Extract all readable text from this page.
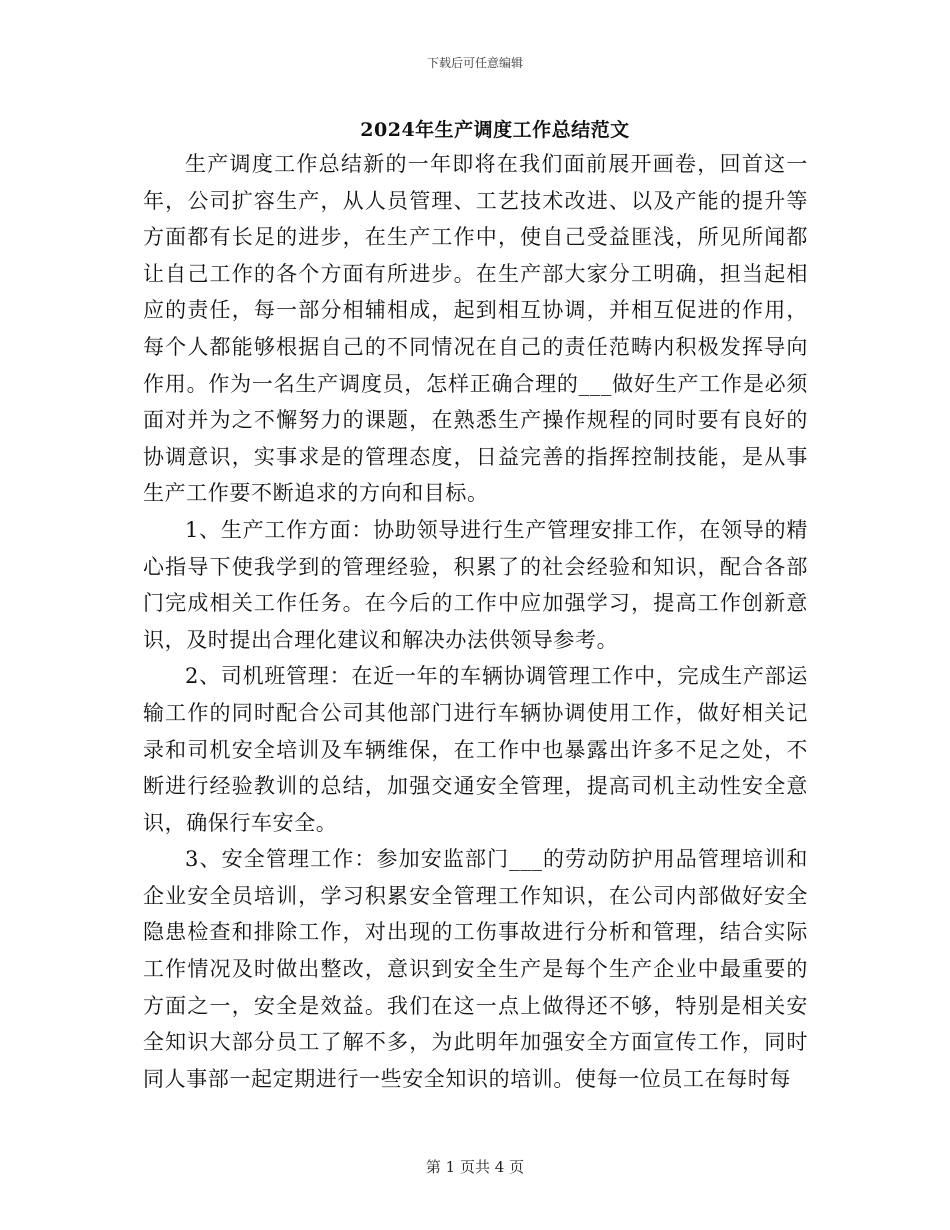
下载后可任意编辑
2024年生产调度工作总结范文

生产调度工作总结新的一年即将在我们面前展开画卷，回首这一年，公司扩容生产，从人员管理、工艺技术改进、以及产能的提升等方面都有长足的进步，在生产工作中，使自己受益匪浅，所见所闻都让自己工作的各个方面有所进步。在生产部大家分工明确，担当起相应的责任，每一部分相辅相成，起到相互协调，并相互促进的作用，每个人都能够根据自己的不同情况在自己的责任范畴内积极发挥导向作用。作为一名生产调度员，怎样正确合理的___做好生产工作是必须面对并为之不懈努力的课题，在熟悉生产操作规程的同时要有良好的协调意识，实事求是的管理态度，日益完善的指挥控制技能，是从事生产工作要不断追求的方向和目标。

1、生产工作方面：协助领导进行生产管理安排工作，在领导的精心指导下使我学到的管理经验，积累了的社会经验和知识，配合各部门完成相关工作任务。在今后的工作中应加强学习，提高工作创新意识，及时提出合理化建议和解决办法供领导参考。

2、司机班管理：在近一年的车辆协调管理工作中，完成生产部运输工作的同时配合公司其他部门进行车辆协调使用工作，做好相关记录和司机安全培训及车辆维保，在工作中也暴露出许多不足之处，不断进行经验教训的总结，加强交通安全管理，提高司机主动性安全意识，确保行车安全。

3、安全管理工作：参加安监部门___的劳动防护用品管理培训和企业安全员培训，学习积累安全管理工作知识，在公司内部做好安全隐患检查和排除工作，对出现的工伤事故进行分析和管理，结合实际工作情况及时做出整改，意识到安全生产是每个生产企业中最重要的方面之一，安全是效益。我们在这一点上做得还不够，特别是相关安全知识大部分员工了解不多，为此明年加强安全方面宣传工作，同时同人事部一起定期进行一些安全知识的培训。使每一位员工在每时每

第 1 页共 4 页
